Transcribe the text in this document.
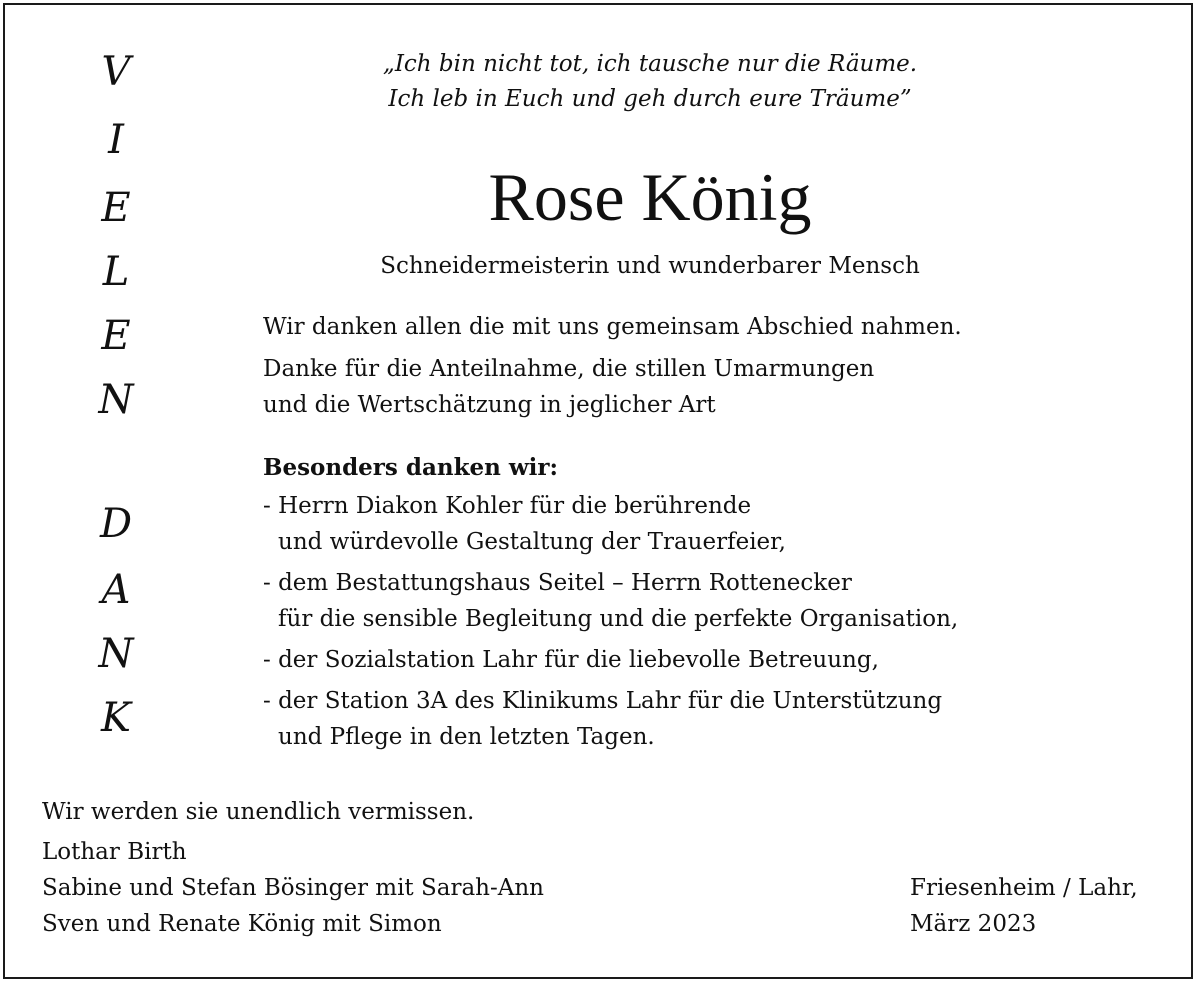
V
I
E
L
E
N
D
A
N
K
„Ich bin nicht tot, ich tausche nur die Räume.
Ich leb in Euch und geh durch eure Träume”
Rose König
Schneidermeisterin und wunderbarer Mensch
Wir danken allen die mit uns gemeinsam Abschied nahmen.
Danke für die Anteilnahme, die stillen Umarmungen
und die Wertschätzung in jeglicher Art
Besonders danken wir:
- Herrn Diakon Kohler für die berührende
und würdevolle Gestaltung der Trauerfeier,
- dem Bestattungshaus Seitel – Herrn Rottenecker
für die sensible Begleitung und die perfekte Organisation,
- der Sozialstation Lahr für die liebevolle Betreuung,
- der Station 3A des Klinikums Lahr für die Unterstützung
und Pflege in den letzten Tagen.
Wir werden sie unendlich vermissen.
Lothar Birth
Sabine und Stefan Bösinger mit Sarah-Ann
Sven und Renate König mit Simon
Friesenheim / Lahr,
März 2023
